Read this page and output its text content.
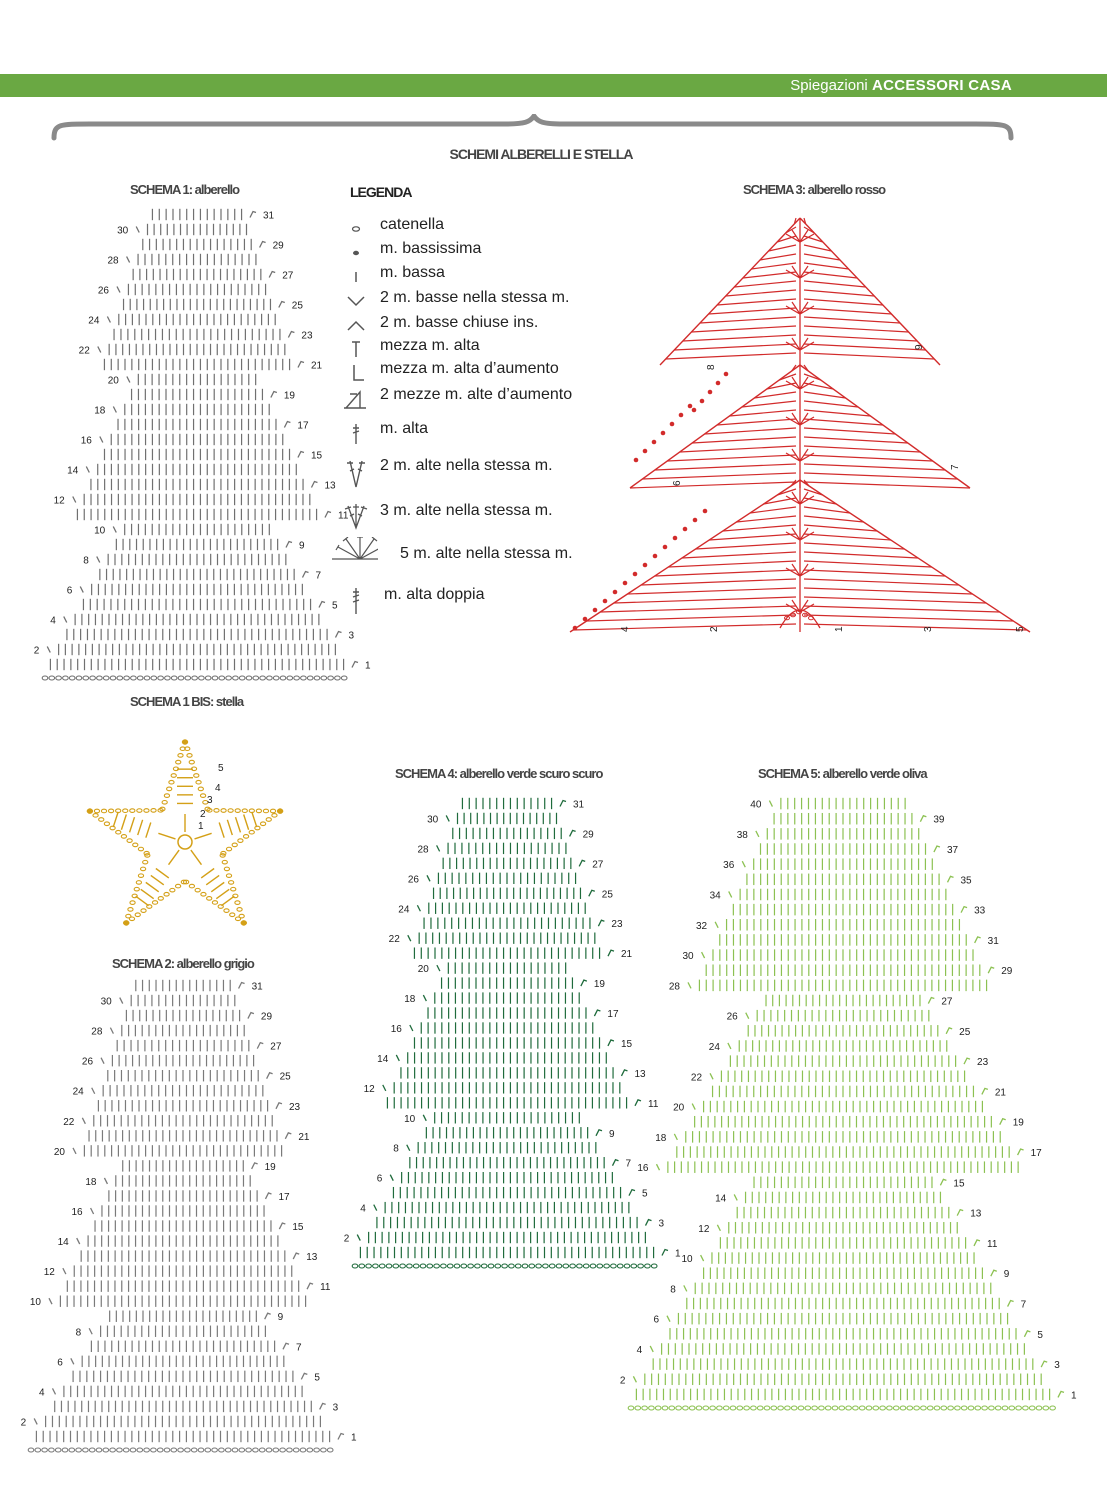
Spiegazioni ACCESSORI CASA
SCHEMI ALBERELLI E STELLA
SCHEMA 1: alberello	SCHEMA 3: alberello rosso
SCHEMA 1 BIS: stella
SCHEMA 4: alberello verde scuro scuro	SCHEMA 5: alberello verde oliva
SCHEMA 2: alberello grigio
LEGENDA
catenella
m. bassissima
m. bassa
2 m. basse nella stessa m.
2 m. basse chiuse ins.
mezza m. alta
mezza m. alta d’aumento
2 mezze m. alte d’aumento
m. alta
2 m. alte nella stessa m.
3 m. alte nella stessa m.
5 m. alte nella stessa m.
m. alta doppia
1
2
3
4
5
6
7
8
9
10
11
12
13
14
15
16
17
18
19
20
21
22
23
24
25
26
27
28
29
30
31
1
2
3
4
5
6
7
8
9
10
11
12
13
14
15
16
17
18
19
20
21
22
23
24
25
26
27
28
29
30
31
1
2
3
4
5
6
7
8
9
10
11
12
13
14
15
16
17
18
19
20
21
22
23
24
25
26
27
28
29
30
31
1
2
3
4
5
6
7
8
9
10
11
12
13
14
15
16
17
18
19
20
21
22
23
24
25
26
27
28
29
30
31
32
33
34
35
36
37
38
39
40
1
2	3
4	5
6
7
8
9
1
2
3
4
5
